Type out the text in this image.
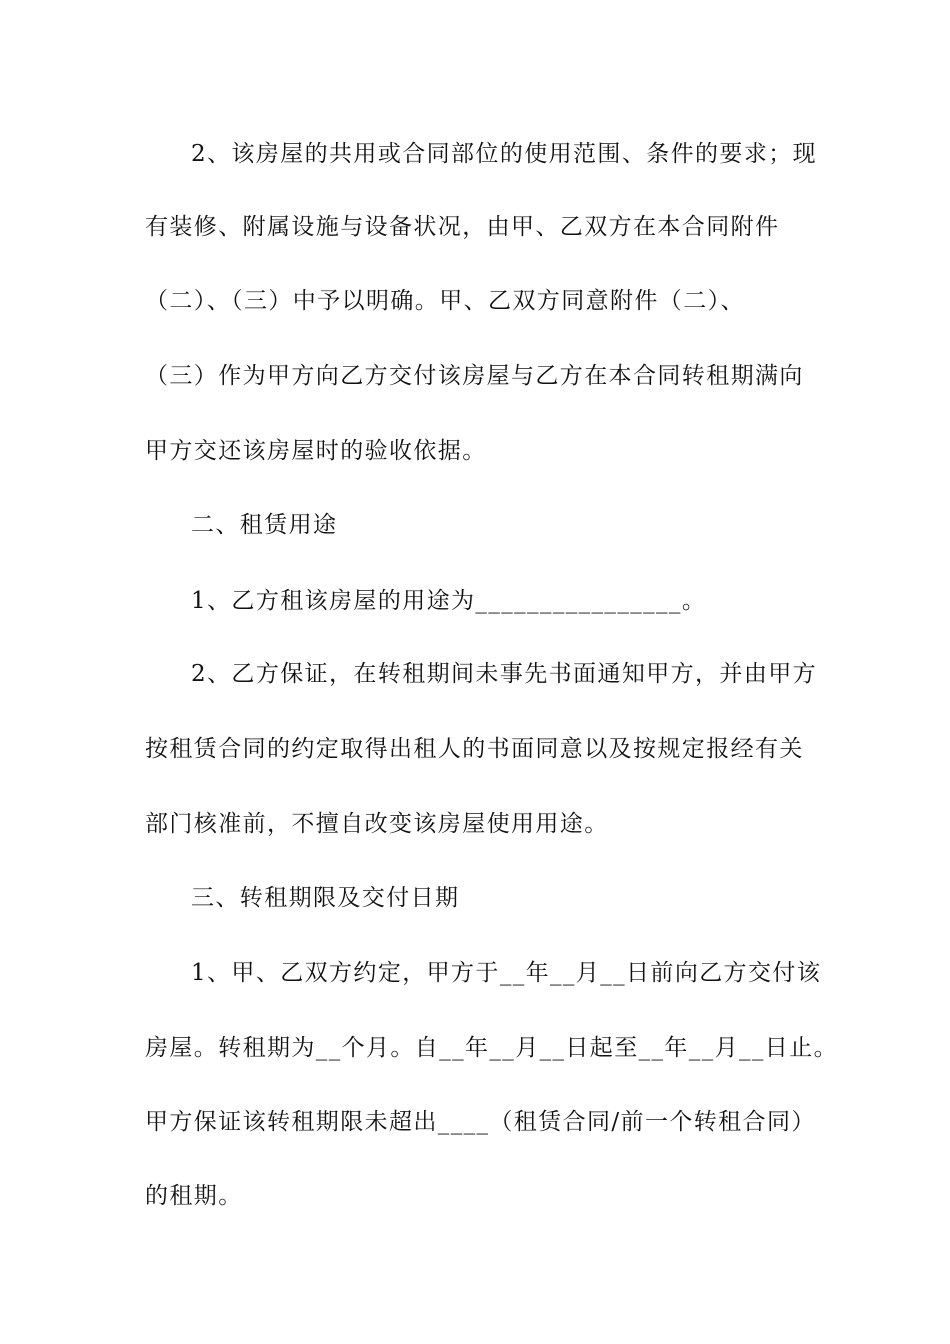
2、该房屋的共用或合同部位的使用范围、条件的要求；现
有装修、附属设施与设备状况，由甲、乙双方在本合同附件
（二）、（三）中予以明确。甲、乙双方同意附件（二）、
（三）作为甲方向乙方交付该房屋与乙方在本合同转租期满向
甲方交还该房屋时的验收依据。
二、租赁用途
1、乙方租该房屋的用途为________________。
2、乙方保证，在转租期间未事先书面通知甲方，并由甲方
按租赁合同的约定取得出租人的书面同意以及按规定报经有关
部门核准前，不擅自改变该房屋使用用途。
三、转租期限及交付日期
1、甲、乙双方约定，甲方于__年__月__日前向乙方交付该
房屋。转租期为__个月。自__年__月__日起至__年__月__日止。
甲方保证该转租期限未超出____（租赁合同/前一个转租合同）
的租期。
